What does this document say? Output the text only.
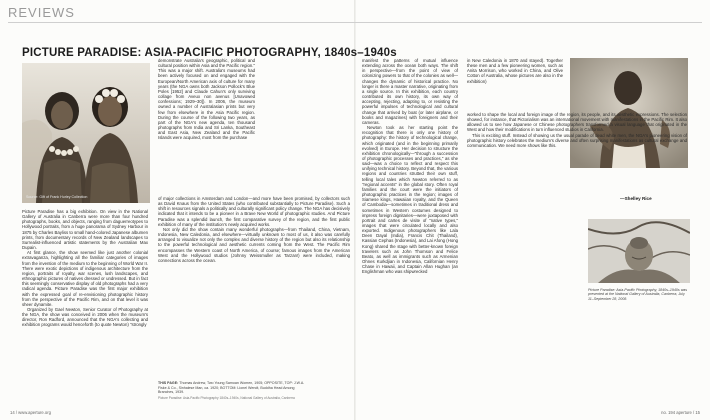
REVIEWS
PICTURE PARADISE: ASIA-PACIFIC PHOTOGRAPHY, 1840s–1940s
Source: Gift of Frank Hurley Collection

Picture Paradise has a big exhibition. On view in the National Gallery of Australia in Canberra were more than four hundred photographs, books, and objects, ranging from daguerreotypes to Hollywood portraits, from a huge panorama of Sydney Harbour in 1875 by Charles Bayliss to small hand-colored Japanese albumen prints, from documentary records of New Zealand landscapes to Surrealist-influenced artistic statements by the Australian Max Dupain.

At first glance, the show seemed like just another colonial extravaganza, highlighting all the familiar categories of images from the invention of the medium to the beginning of World War II. There were exotic depictions of indigenous architecture from the region, portraits of royalty, war scenes, lush landscapes, and ethnographic pictures of natives dressed or undressed. But in fact this seemingly conservative display of old photographs had a very radical agenda. Picture Paradise was the first major exhibition with the expressed goal of re-envisioning photographic history from the perspective of the Pacific Rim, and on that level it was sheer dynamite.

Organized by Gael Newton, Senior Curator of Photography at the NGA, the show was conceived in 2006 when the museum's director, Ron Radford, announced that the NGA's collecting and exhibition programs would henceforth (to quote Newton) "strongly

demonstrate Australia's geographic, political and cultural position within Asia and the Pacific region." This was a major shift. Australia's museums had been actively focused on and engaged with the European/North American axis of culture for many years (the NGA owns both Jackson Pollock's Blue Poles [1952] and Claude Cahun's only surviving collage from Aveux non avenus [Unavowed confessions; 1929–30]). In 2006, the museum owned a number of Australasian prints but very few from elsewhere in the Asia Pacific region. During the course of the following two years, as part of the NGA's new agenda, ten thousand photographs from India and Sri Lanka, Southeast and East Asia, New Zealand and the Pacific Islands were acquired, most from the purchase

of major collections in Amsterdam and London—and more have been promised, by collectors such as David Knaus from the United States (who contributed substantially to Picture Paradise). Such a shift in resources signals a politically and culturally significant policy change. The NGA has decisively indicated that it intends to be a pioneer in a Brave New World of photographic studies. And Picture Paradise was a splendid launch, the first comparative survey of the region, and the first public exhibition of many of the institution's newly acquired works.

Not only did the show contain many wonderful photographs—from Thailand, China, Vietnam, Indonesia, New Caledonia, and elsewhere—virtually unknown to most of us, it also was carefully arranged to visualize not only the complex and diverse history of the region but also its relationship to the powerful technological and aesthetic currents coming from the West. The Pacific Rim encompasses the Western coast of North America, of course; famous images from the American West and the Hollywood studios (Johnny Weissmuller as Tarzan!) were included, making connections across the ocean.

THIS PAGE: Thomas Andrew, Two Young Samoan Women, 1905; OPPOSITE, TOP: J.W.A. Fiske & Co., Sinhalese Man, ca. 1920; BOTTOM: Lionel Wendt, Buddha Head Among Branches, 1939.
Picture Paradise: Asia-Pacific Photography 1840s–1940s, National Gallery of Australia, Canberra

manifest the patterns of mutual influence extending across the ocean both ways. The shift in perspective—from the point of view of colonizing powers to that of the colonies as well—changes the dynamic of historical practice. No longer is there a master narrative, originating from a single source. In this exhibition, each country contributed its own history, its own way of accepting, rejecting, adapting to, or resisting the powerful impulses of technological and cultural change that arrived by boat (or later airplane, or books and magazines) with foreigners and their cameras.

Newton took as her starting point the recognition that there is only one history of photography: the history of technological change, which originated (and in the beginning primarily evolved) in Europe. Her decision to structure the exhibition chronologically—"through a succession of photographic processes and practices," as she said—was a choice to reflect and respect this unifying technical history. Beyond that, the various regions and countries strutted their own stuff, telling local tales which Newton referred to as "regional accents" in the global story. Often royal families and the court were the initiators of photographic practices in the region; images of Siamese kings, Hawaiian royalty, and the Queen of Cambodia—sometimes in traditional dress and sometimes in Western costumes designed to impress foreign dignitaries—were juxtaposed with portrait and cartes de visite of "native types," images that were circulated locally and also exported. Indigenous photographers like Lala Deen Dayal (India), Francis Chit (Thailand), Kassian Cephas (Indonesia), and Lai Afong (Hong Kong) shared the stage with better-known foreign travelers such as John Thomson and Felice Beato, as well as immigrants such as Armenian Ohnes Kurkdjian in Indonesia, Californian Henry Chase in Hawaii, and Captain Allan Hughan (an Englishman who was shipwrecked

in New Caledonia in 1870 and stayed). Together these men and a few pioneering women, such as Anita Morrison, who worked in China, and Olive Cotton of Australia, whose pictures are also in the exhibition)

worked to shape the local and foreign image of the region, its people, and its aesthetic expressions. The selection showed, for instance, that Pictorialism was an international movement with manifestations in the Pacific Rim. It also allowed us to see how Japanese or Chinese photographers transformed a visual language that originated in the West and how their modifications in turn influenced studios in California.

This is exciting stuff. Instead of showing us the usual parade of dead white men, the NGA's pioneering vision of photographic history celebrates the medium's diverse and often surprising manifestations as cultural exchange and communication. We need more shows like this.

—Shelley Rice
Picture Paradise: Asia-Pacific Photography, 1840s–1940s was presented at the National Gallery of Australia, Canberra, July 11–September 28, 2008.
14 / www.aperture.org	no. 194 aperture / 15
